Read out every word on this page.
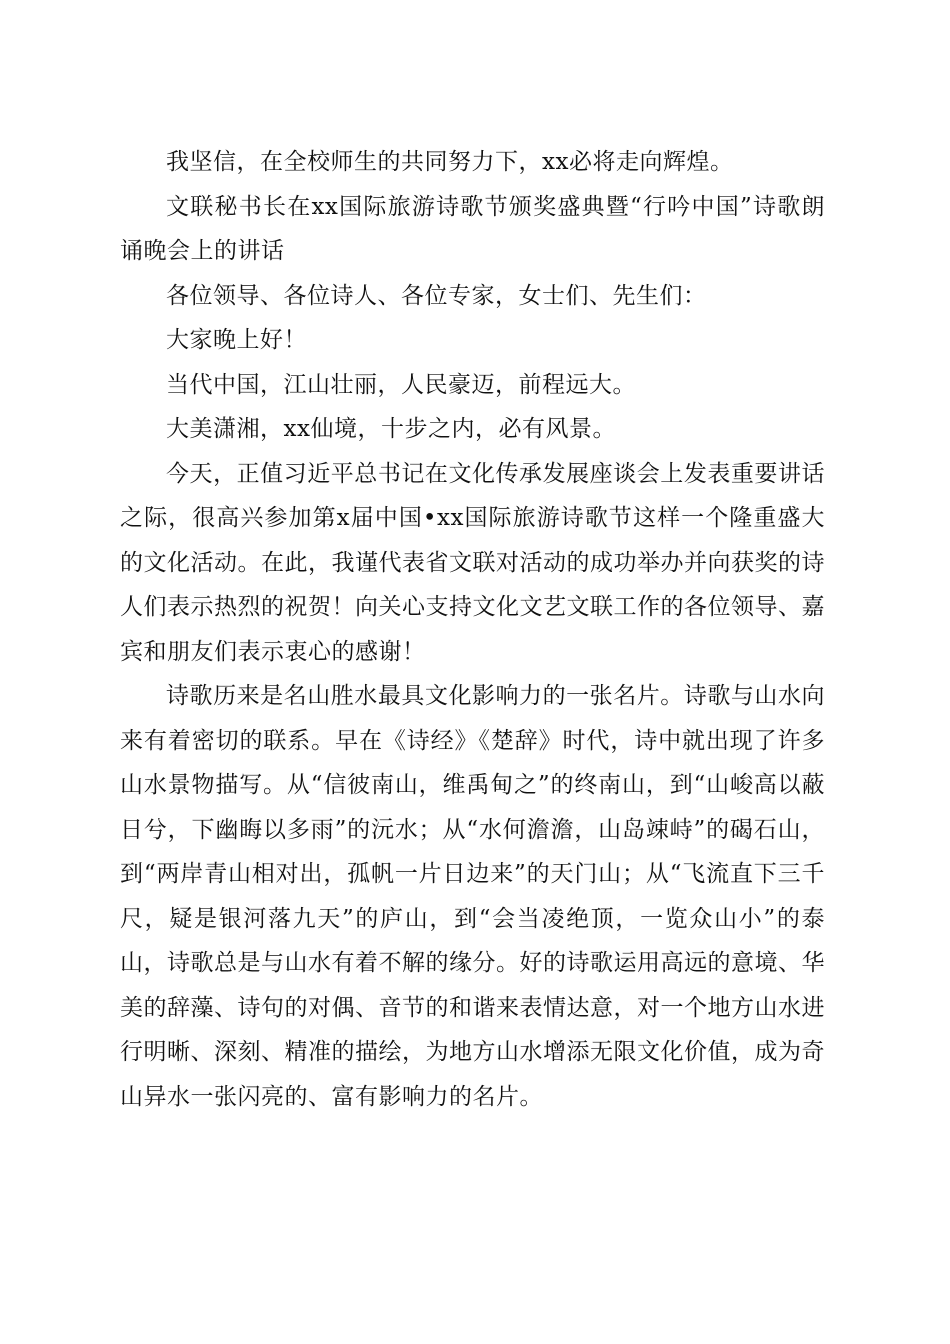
我坚信，在全校师生的共同努力下，xx必将走向辉煌。

文联秘书长在xx国际旅游诗歌节颁奖盛典暨“行吟中国”诗歌朗诵晚会上的讲话

各位领导、各位诗人、各位专家，女士们、先生们：

大家晚上好！

当代中国，江山壮丽，人民豪迈，前程远大。

大美潇湘，xx仙境，十步之内，必有风景。

今天，正值习近平总书记在文化传承发展座谈会上发表重要讲话之际，很高兴参加第x届中国•xx国际旅游诗歌节这样一个隆重盛大的文化活动。在此，我谨代表省文联对活动的成功举办并向获奖的诗人们表示热烈的祝贺！向关心支持文化文艺文联工作的各位领导、嘉宾和朋友们表示衷心的感谢！

诗歌历来是名山胜水最具文化影响力的一张名片。诗歌与山水向来有着密切的联系。早在《诗经》《楚辞》时代，诗中就出现了许多山水景物描写。从“信彼南山，维禹甸之”的终南山，到“山峻高以蔽日兮，下幽晦以多雨”的沅水；从“水何澹澹，山岛竦峙”的碣石山，到“两岸青山相对出，孤帆一片日边来”的天门山；从“飞流直下三千尺，疑是银河落九天”的庐山，到“会当凌绝顶，一览众山小”的泰山，诗歌总是与山水有着不解的缘分。好的诗歌运用高远的意境、华美的辞藻、诗句的对偶、音节的和谐来表情达意，对一个地方山水进行明晰、深刻、精准的描绘，为地方山水增添无限文化价值，成为奇山异水一张闪亮的、富有影响力的名片。
